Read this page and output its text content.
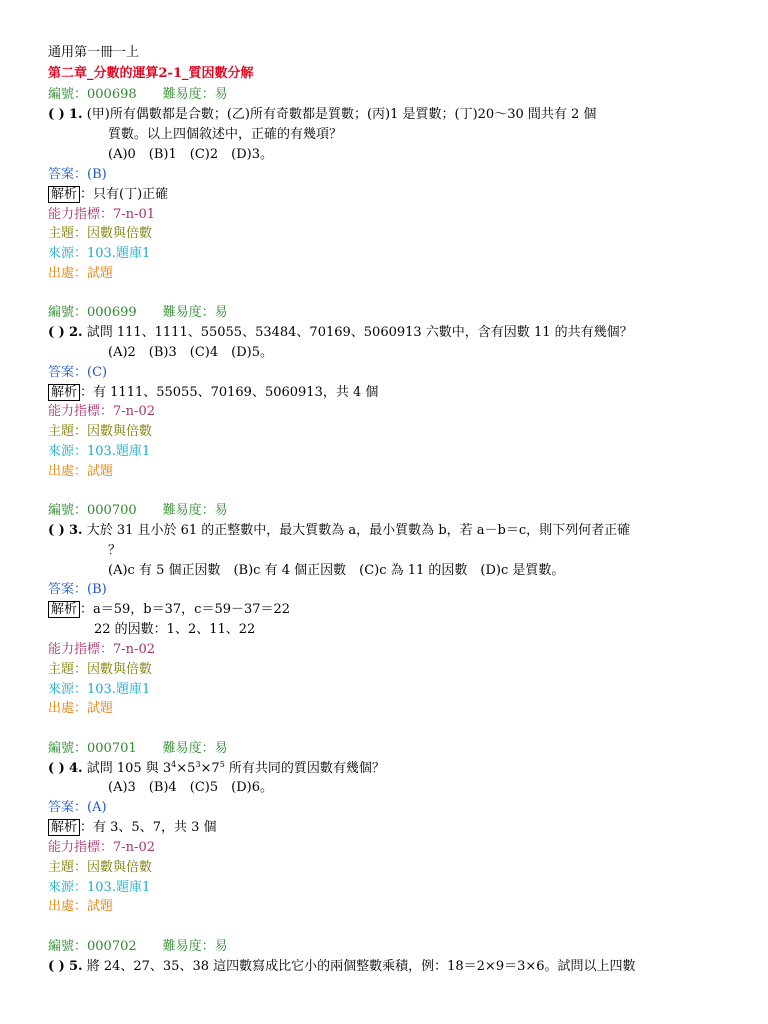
通用第一冊一上
第二章_分數的運算2-1_質因數分解
編號：000698 難易度：易
( ) 1. (甲)所有偶數都是合數；(乙)所有奇數都是質數；(丙)1 是質數；(丁)20～30 間共有 2 個
質數。以上四個敘述中，正確的有幾項？
(A)0　(B)1　(C)2　(D)3。
答案：(B)
解析 ：只有(丁)正確
能力指標：7-n-01
主題：因數與倍數
來源：103.題庫1
出處：試題
編號：000699 難易度：易
( ) 2. 試問 111、1111、55055、53484、70169、5060913 六數中，含有因數 11 的共有幾個？
(A)2　(B)3　(C)4　(D)5。
答案：(C)
解析 ：有 1111、55055、70169、5060913，共 4 個
能力指標：7-n-02
主題：因數與倍數
來源：103.題庫1
出處：試題
編號：000700 難易度：易
( ) 3. 大於 31 且小於 61 的正整數中，最大質數為 a，最小質數為 b，若 a－b＝c，則下列何者正確
？
(A)c 有 5 個正因數　(B)c 有 4 個正因數　(C)c 為 11 的因數　(D)c 是質數。
答案：(B)
解析 ：a＝59，b＝37，c＝59－37＝22
22 的因數：1、2、11、22
能力指標：7-n-02
主題：因數與倍數
來源：103.題庫1
出處：試題
編號：000701 難易度：易
( ) 4. 試問 105 與 $3^4\times 5^3\times 7^5$ 所有共同的質因數有幾個？
(A)3　(B)4　(C)5　(D)6。
答案：(A)
解析 ：有 3、5、7，共 3 個
能力指標：7-n-02
主題：因數與倍數
來源：103.題庫1
出處：試題
編號：000702 難易度：易
( ) 5. 將 24、27、35、38 這四數寫成比它小的兩個整數乘積，例：18＝2×9＝3×6。試問以上四數
